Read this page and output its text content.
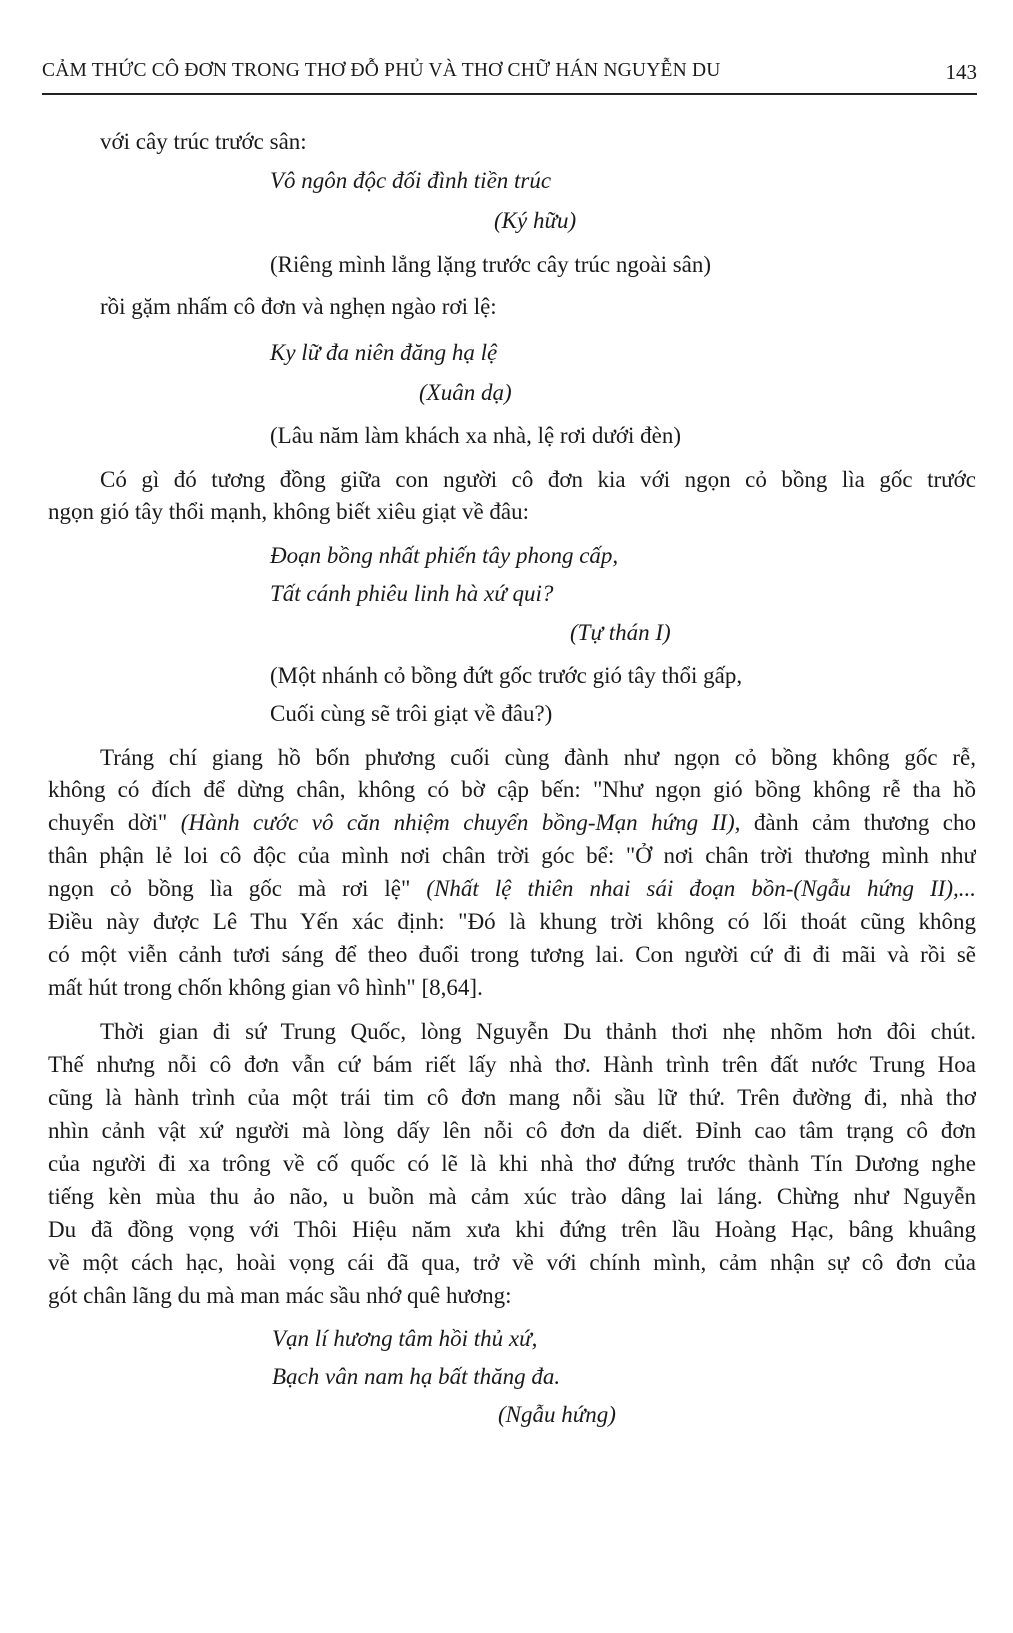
CẢM THỨC CÔ ĐƠN TRONG THƠ ĐỖ PHỦ VÀ THƠ CHỮ HÁN NGUYỄN DU	143
với cây trúc trước sân:
Vô ngôn độc đối đình tiền trúc
(Ký hữu)
(Riêng mình lẳng lặng trước cây trúc ngoài sân)
rồi gặm nhấm cô đơn và nghẹn ngào rơi lệ:
Ky lữ đa niên đăng hạ lệ
(Xuân dạ)
(Lâu năm làm khách xa nhà, lệ rơi dưới đèn)
Có gì đó tương đồng giữa con người cô đơn kia với ngọn cỏ bồng lìa gốc trước
ngọn gió tây thổi mạnh, không biết xiêu giạt về đâu:
Đoạn bồng nhất phiến tây phong cấp,
Tất cánh phiêu linh hà xứ qui?
(Tự thán I)
(Một nhánh cỏ bồng đứt gốc trước gió tây thổi gấp,
Cuối cùng sẽ trôi giạt về đâu?)
Tráng chí giang hồ bốn phương cuối cùng đành như ngọn cỏ bồng không gốc rễ,
không có đích để dừng chân, không có bờ cập bến: "Như ngọn gió bồng không rễ tha hồ
chuyển dời" (Hành cước vô căn nhiệm chuyển bồng-Mạn hứng II), đành cảm thương cho
thân phận lẻ loi cô độc của mình nơi chân trời góc bể: "Ở nơi chân trời thương mình như
ngọn cỏ bồng lìa gốc mà rơi lệ" (Nhất lệ thiên nhai sái đoạn bồn-(Ngẫu hứng II),...
Điều này được Lê Thu Yến xác định: "Đó là khung trời không có lối thoát cũng không
có một viễn cảnh tươi sáng để theo đuổi trong tương lai. Con người cứ đi đi mãi và rồi sẽ
mất hút trong chốn không gian vô hình" [8,64].
Thời gian đi sứ Trung Quốc, lòng Nguyễn Du thảnh thơi nhẹ nhõm hơn đôi chút.
Thế nhưng nỗi cô đơn vẫn cứ bám riết lấy nhà thơ. Hành trình trên đất nước Trung Hoa
cũng là hành trình của một trái tim cô đơn mang nỗi sầu lữ thứ. Trên đường đi, nhà thơ
nhìn cảnh vật xứ người mà lòng dấy lên nỗi cô đơn da diết. Đỉnh cao tâm trạng cô đơn
của người đi xa trông về cố quốc có lẽ là khi nhà thơ đứng trước thành Tín Dương nghe
tiếng kèn mùa thu ảo não, u buồn mà cảm xúc trào dâng lai láng. Chừng như Nguyễn
Du đã đồng vọng với Thôi Hiệu năm xưa khi đứng trên lầu Hoàng Hạc, bâng khuâng
về một cách hạc, hoài vọng cái đã qua, trở về với chính mình, cảm nhận sự cô đơn của
gót chân lãng du mà man mác sầu nhớ quê hương:
Vạn lí hương tâm hồi thủ xứ,
Bạch vân nam hạ bất thăng đa.
(Ngẫu hứng)
